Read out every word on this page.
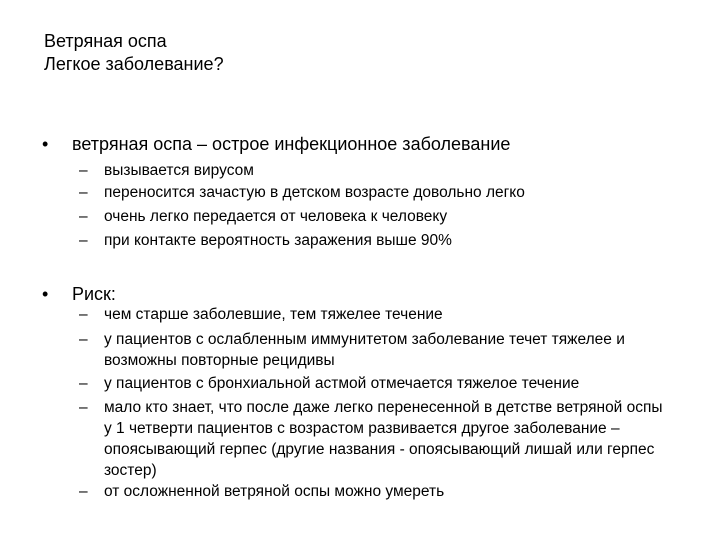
Ветряная оспа
Легкое заболевание?
• ветряная оспа – острое инфекционное заболевание
– вызывается вирусом
– переносится зачастую в детском возрасте довольно легко
– очень легко передается от человека к человеку
– при контакте вероятность заражения выше 90%
• Риск:
– чем старше заболевшие, тем тяжелее течение
– у пациентов с ослабленным иммунитетом заболевание течет тяжелее и возможны повторные рецидивы
– у пациентов с бронхиальной астмой отмечается тяжелое течение
– мало кто знает, что после даже легко перенесенной в детстве ветряной оспы у 1 четверти пациентов с возрастом развивается другое заболевание – опоясывающий герпес (другие названия - опоясывающий лишай или герпес зостер)
– от осложненной ветряной оспы можно умереть
